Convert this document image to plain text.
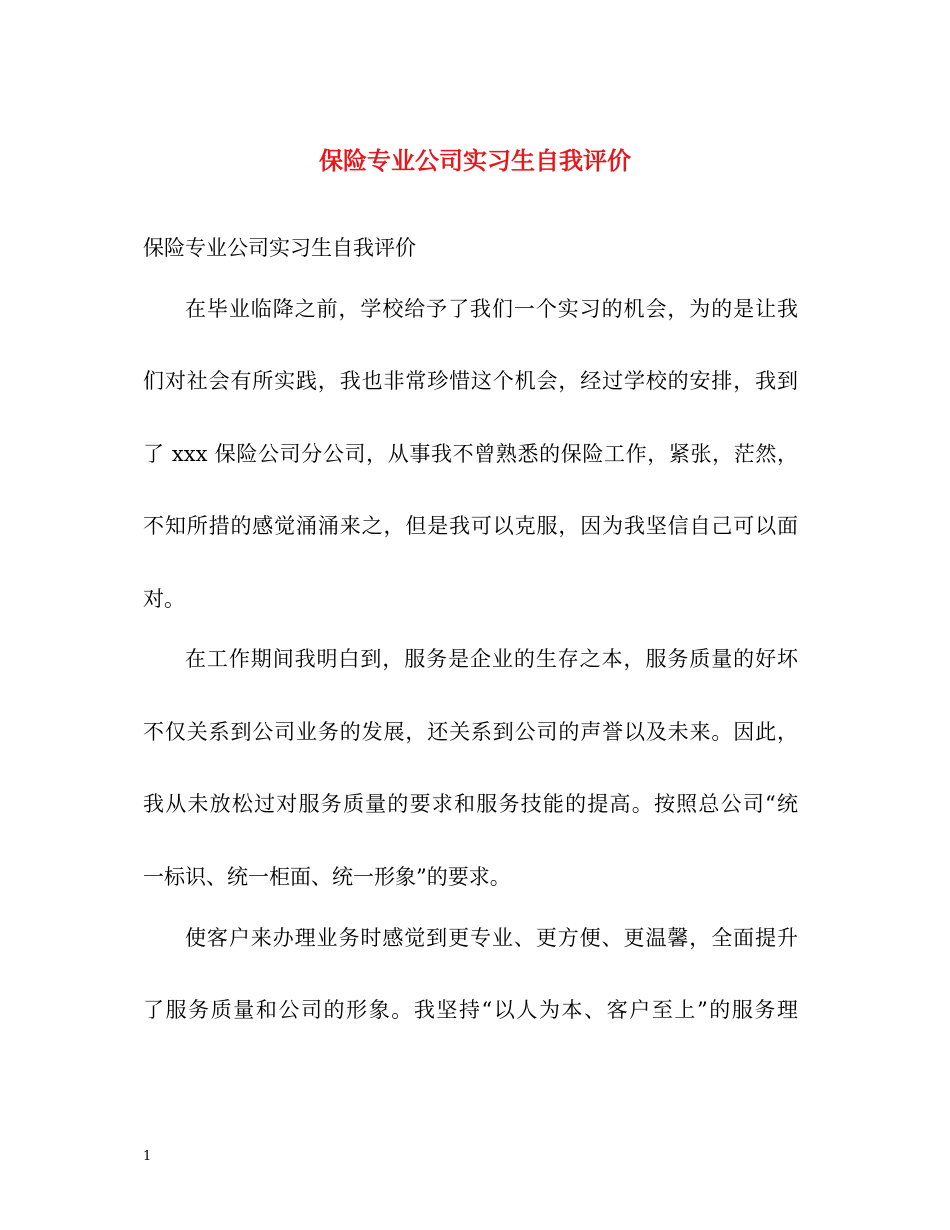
保险专业公司实习生自我评价
保险专业公司实习生自我评价
在毕业临降之前，学校给予了我们一个实习的机会，为的是让我
们对社会有所实践，我也非常珍惜这个机会，经过学校的安排，我到
了 xxx 保险公司分公司，从事我不曾熟悉的保险工作，紧张，茫然，
不知所措的感觉涌涌来之，但是我可以克服，因为我坚信自己可以面
对。
在工作期间我明白到，服务是企业的生存之本，服务质量的好坏
不仅关系到公司业务的发展，还关系到公司的声誉以及未来。因此，
我从未放松过对服务质量的要求和服务技能的提高。按照总公司“统
一标识、统一柜面、统一形象”的要求。
使客户来办理业务时感觉到更专业、更方便、更温馨，全面提升
了服务质量和公司的形象。我坚持“以人为本、客户至上”的服务理
1
